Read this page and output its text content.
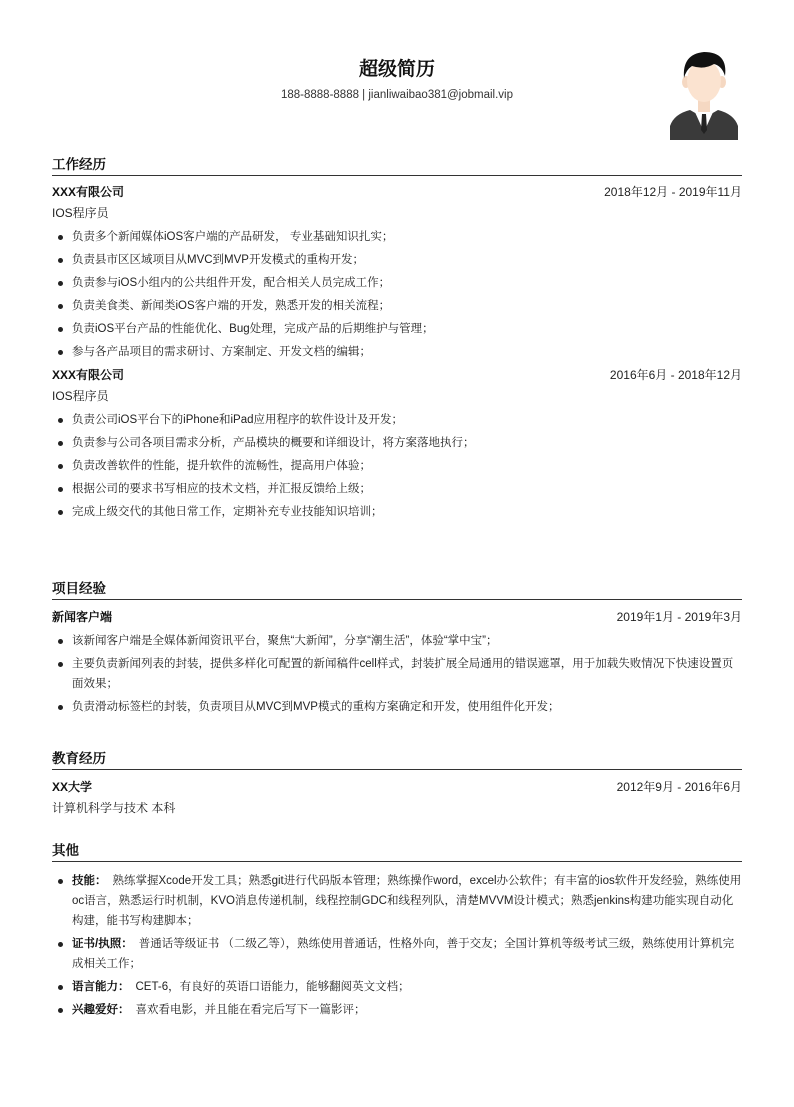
超级简历
188-8888-8888 | jianliwaibao381@jobmail.vip
工作经历
XXX有限公司	2018年12月 - 2019年11月
IOS程序员
负责多个新闻媒体iOS客户端的产品研发， 专业基础知识扎实；
负责县市区区域项目从MVC到MVP开发模式的重构开发；
负责参与iOS小组内的公共组件开发，配合相关人员完成工作；
负责美食类、新闻类iOS客户端的开发，熟悉开发的相关流程；
负责iOS平台产品的性能优化、Bug处理，完成产品的后期维护与管理；
参与各产品项目的需求研讨、方案制定、开发文档的编辑；
XXX有限公司	2016年6月 - 2018年12月
IOS程序员
负责公司iOS平台下的iPhone和iPad应用程序的软件设计及开发；
负责参与公司各项目需求分析，产品模块的概要和详细设计，将方案落地执行；
负责改善软件的性能，提升软件的流畅性，提高用户体验；
根据公司的要求书写相应的技术文档，并汇报反馈给上级；
完成上级交代的其他日常工作，定期补充专业技能知识培训；
项目经验
新闻客户端	2019年1月 - 2019年3月
该新闻客户端是全媒体新闻资讯平台，聚焦“大新闻”，分享“潮生活”，体验“掌中宝”；
主要负责新闻列表的封装，提供多样化可配置的新闻稿件cell样式，封装扩展全局通用的错误遮罩，用于加载失败情况下快速设置页面效果；
负责滑动标签栏的封装，负责项目从MVC到MVP模式的重构方案确定和开发，使用组件化开发；
教育经历
XX大学	2012年9月 - 2016年6月
计算机科学与技术 本科
其他
技能： 熟练掌握Xcode开发工具；熟悉git进行代码版本管理；熟练操作word，excel办公软件；有丰富的ios软件开发经验，熟练使用oc语言，熟悉运行时机制，KVO消息传递机制，线程控制GDC和线程列队，清楚MVVM设计模式；熟悉jenkins构建功能实现自动化构建，能书写构建脚本；
证书/执照： 普通话等级证书 （二级乙等），熟练使用普通话，性格外向，善于交友；全国计算机等级考试三级，熟练使用计算机完成相关工作；
语言能力： CET-6，有良好的英语口语能力，能够翻阅英文文档；
兴趣爱好： 喜欢看电影，并且能在看完后写下一篇影评；
